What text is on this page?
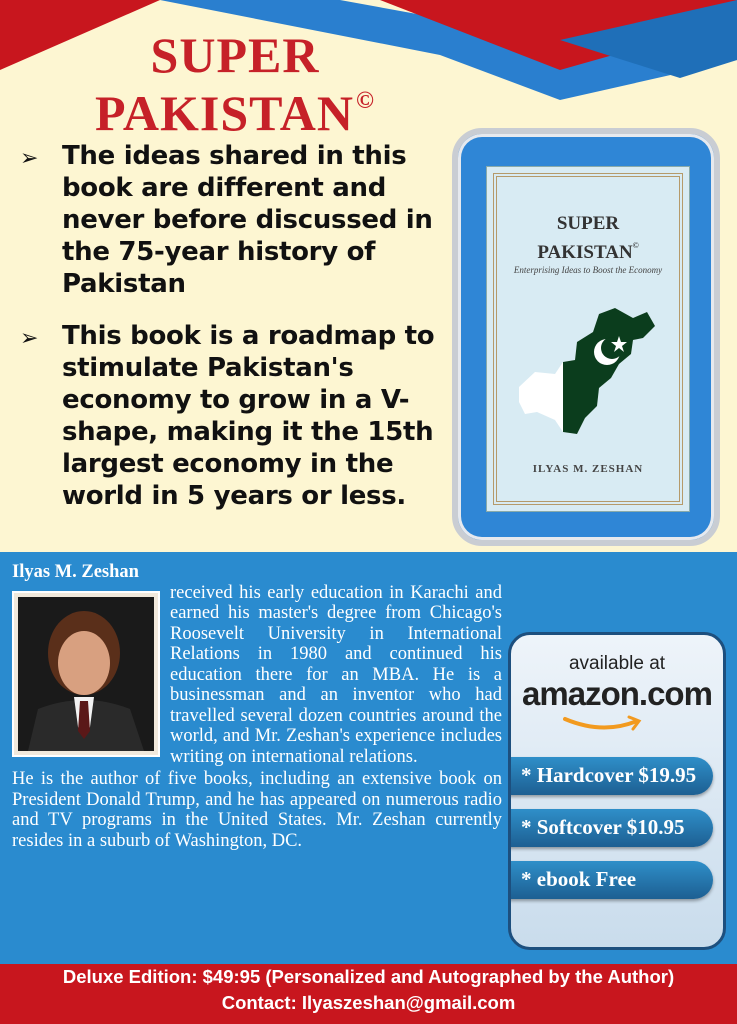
SUPER
PAKISTAN©
➢ The ideas shared in this book are different and never before discussed in the 75-year history of Pakistan
➢ This book is a roadmap to stimulate Pakistan's economy to grow in a V-shape, making it the 15th largest economy in the world in 5 years or less.
SUPER
PAKISTAN©
Enterprising Ideas to Boost the Economy
ILYAS M. ZESHAN

Ilyas M. Zeshan

received his early education in Karachi and earned his master's degree from Chicago's Roosevelt University in International Relations in 1980 and continued his education there for an MBA. He is a businessman and an inventor who had travelled several dozen countries around the world, and Mr. Zeshan's experience includes writing on international relations.

He is the author of five books, including an extensive book on President Donald Trump, and he has appeared on numerous radio and TV programs in the United States. Mr. Zeshan currently resides in a suburb of Washington, DC.

available at
amazon.com
* Hardcover $19.95
* Softcover $10.95
* ebook Free
Deluxe Edition: $49:95 (Personalized and Autographed by the Author)
Contact: Ilyaszeshan@gmail.com
